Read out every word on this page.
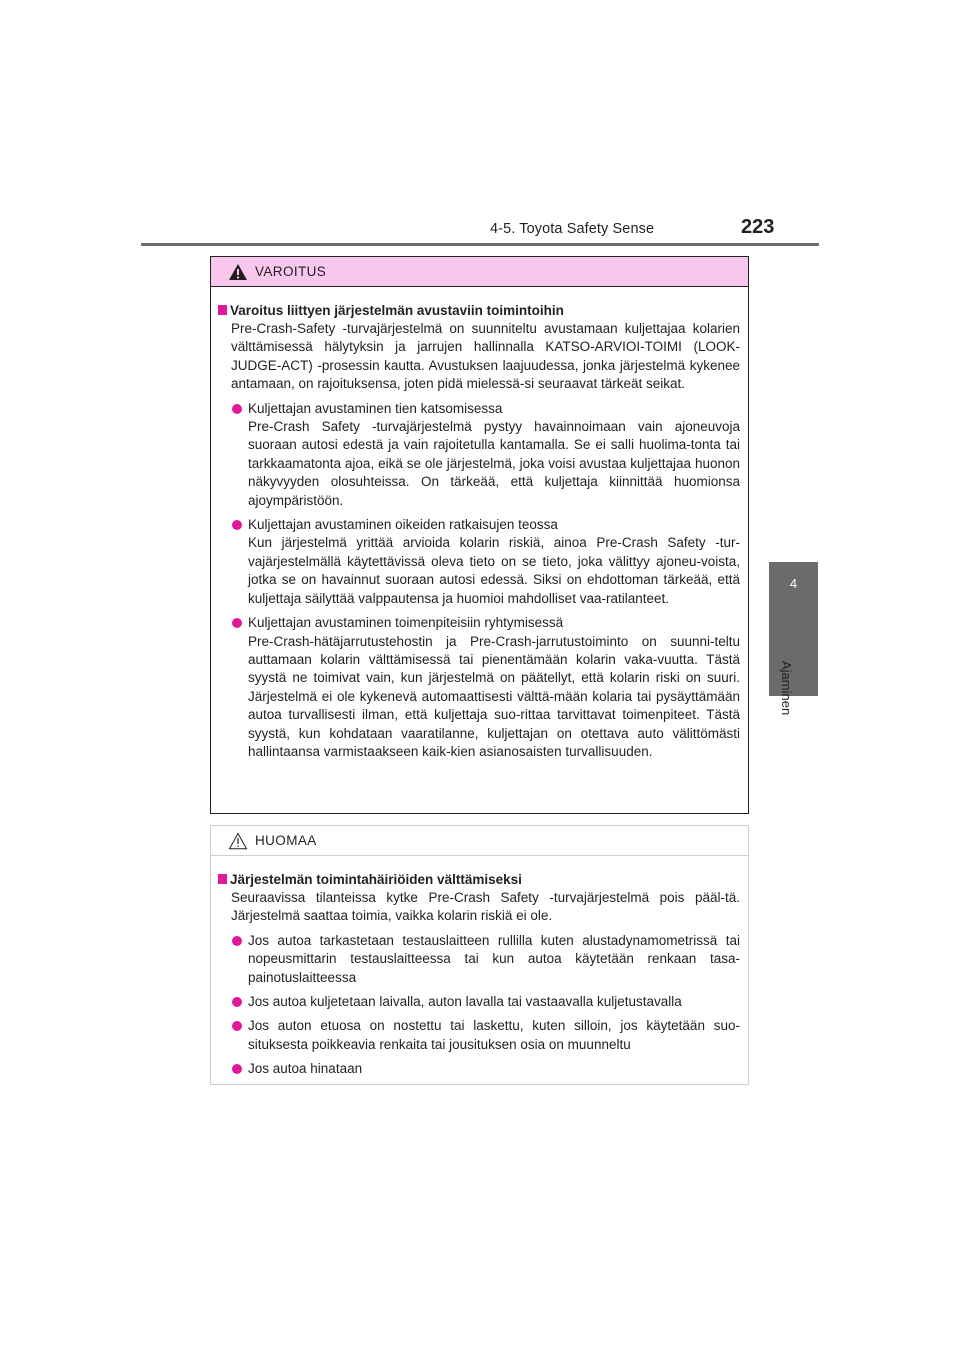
4-5. Toyota Safety Sense	223
4
Ajaminen
VAROITUS
Varoitus liittyen järjestelmän avustaviin toimintoihin
Pre-Crash-Safety -turvajärjestelmä on suunniteltu avustamaan kuljettajaa kolarien välttämisessä hälytyksin ja jarrujen hallinnalla KATSO-ARVIOI-TOIMI (LOOK-JUDGE-ACT) -prosessin kautta. Avustuksen laajuudessa, jonka järjestelmä kykenee antamaan, on rajoituksensa, joten pidä mielessä-si seuraavat tärkeät seikat.
Kuljettajan avustaminen tien katsomisessa
Pre-Crash Safety -turvajärjestelmä pystyy havainnoimaan vain ajoneuvoja suoraan autosi edestä ja vain rajoitetulla kantamalla. Se ei salli huolima-tonta tai tarkkaamatonta ajoa, eikä se ole järjestelmä, joka voisi avustaa kuljettajaa huonon näkyvyyden olosuhteissa. On tärkeää, että kuljettaja kiinnittää huomionsa ajoympäristöön.
Kuljettajan avustaminen oikeiden ratkaisujen teossa
Kun järjestelmä yrittää arvioida kolarin riskiä, ainoa Pre-Crash Safety -tur-vajärjestelmällä käytettävissä oleva tieto on se tieto, joka välittyy ajoneu-voista, jotka se on havainnut suoraan autosi edessä. Siksi on ehdottoman tärkeää, että kuljettaja säilyttää valppautensa ja huomioi mahdolliset vaa-ratilanteet.
Kuljettajan avustaminen toimenpiteisiin ryhtymisessä
Pre-Crash-hätäjarrutustehostin ja Pre-Crash-jarrutustoiminto on suunni-teltu auttamaan kolarin välttämisessä tai pienentämään kolarin vaka-vuutta. Tästä syystä ne toimivat vain, kun järjestelmä on päätellyt, että kolarin riski on suuri. Järjestelmä ei ole kykenevä automaattisesti välttä-mään kolaria tai pysäyttämään autoa turvallisesti ilman, että kuljettaja suo-rittaa tarvittavat toimenpiteet. Tästä syystä, kun kohdataan vaaratilanne, kuljettajan on otettava auto välittömästi hallintaansa varmistaakseen kaik-kien asianosaisten turvallisuuden.
HUOMAA
Järjestelmän toimintahäiriöiden välttämiseksi
Seuraavissa tilanteissa kytke Pre-Crash Safety -turvajärjestelmä pois pääl-tä. Järjestelmä saattaa toimia, vaikka kolarin riskiä ei ole.
Jos autoa tarkastetaan testauslaitteen rullilla kuten alustadynamometrissä tai nopeusmittarin testauslaitteessa tai kun autoa käytetään renkaan tasa-painotuslaitteessa
Jos autoa kuljetetaan laivalla, auton lavalla tai vastaavalla kuljetustavalla
Jos auton etuosa on nostettu tai laskettu, kuten silloin, jos käytetään suo-situksesta poikkeavia renkaita tai jousituksen osia on muunneltu
Jos autoa hinataan
